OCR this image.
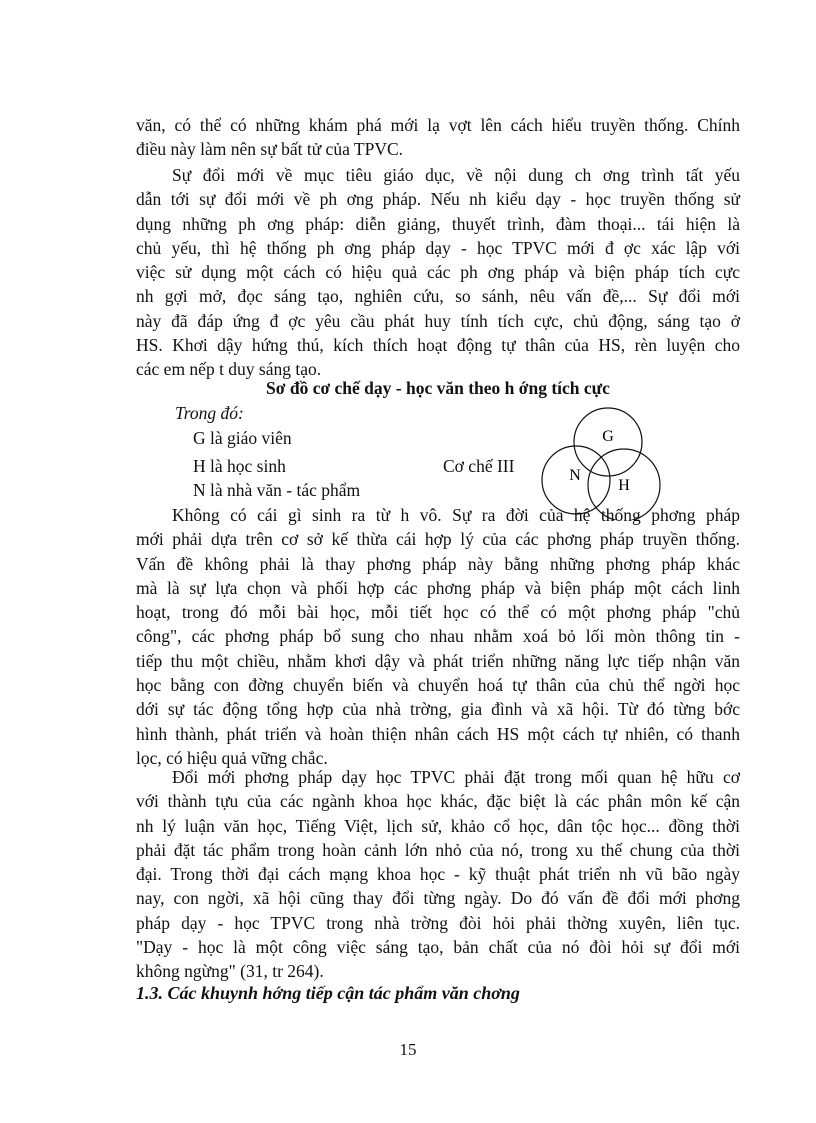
văn, có thể có những khám phá mới lạ vợt lên cách hiểu truyền thống. Chính
điều này làm nên sự bất tử của TPVC.
Sự đổi mới về mục tiêu giáo dục, về nội dung ch ơng trình tất yếu
dẫn tới sự đổi mới về ph ơng pháp. Nếu nh kiểu dạy - học truyền thống sử
dụng những ph ơng pháp: diễn giảng, thuyết trình, đàm thoại... tái hiện là
chủ yếu, thì hệ thống ph ơng pháp dạy - học TPVC mới đ ợc xác lập với
việc sử dụng một cách có hiệu quả các ph ơng pháp và biện pháp tích cực
nh gợi mở, đọc sáng tạo, nghiên cứu, so sánh, nêu vấn đề,... Sự đổi mới
này đã đáp ứng đ ợc yêu cầu phát huy tính tích cực, chủ động, sáng tạo ở
HS. Khơi dậy hứng thú, kích thích hoạt động tự thân của HS, rèn luyện cho
các em nếp t duy sáng tạo.
Sơ đồ cơ chế dạy - học văn theo h ớng tích cực
Trong đó:
G là giáo viên
H là học sinh
N là nhà văn - tác phẩm
Cơ chế III
G
N
H
Không có cái gì sinh ra từ h vô. Sự ra đời của hệ thống phơng pháp
mới phải dựa trên cơ sở kế thừa cái hợp lý của các phơng pháp truyền thống.
Vấn đề không phải là thay phơng pháp này bằng những phơng pháp khác
mà là sự lựa chọn và phối hợp các phơng pháp và biện pháp một cách linh
hoạt, trong đó mỗi bài học, mỗi tiết học có thể có một phơng pháp "chủ
công", các phơng pháp bổ sung cho nhau nhằm xoá bỏ lối mòn thông tin -
tiếp thu một chiều, nhằm khơi dậy và phát triển những năng lực tiếp nhận văn
học bằng con đờng chuyển biến và chuyển hoá tự thân của chủ thể ngời học
dới sự tác động tổng hợp của nhà trờng, gia đình và xã hội. Từ đó từng bớc
hình thành, phát triển và hoàn thiện nhân cách HS một cách tự nhiên, có thanh
lọc, có hiệu quả vững chắc.
Đổi mới phơng pháp dạy học TPVC phải đặt trong mối quan hệ hữu cơ
với thành tựu của các ngành khoa học khác, đặc biệt là các phân môn kế cận
nh lý luận văn học, Tiếng Việt, lịch sử, khảo cổ học, dân tộc học... đồng thời
phải đặt tác phẩm trong hoàn cảnh lớn nhỏ của nó, trong xu thế chung của thời
đại. Trong thời đại cách mạng khoa học - kỹ thuật phát triển nh vũ bão ngày
nay, con ngời, xã hội cũng thay đổi từng ngày. Do đó vấn đề đổi mới phơng
pháp dạy - học TPVC trong nhà trờng đòi hỏi phải thờng xuyên, liên tục.
"Dạy - học là một công việc sáng tạo, bản chất của nó đòi hỏi sự đổi mới
không ngừng" (31, tr 264).
1.3. Các khuynh hớng tiếp cận tác phẩm văn chơng
15
